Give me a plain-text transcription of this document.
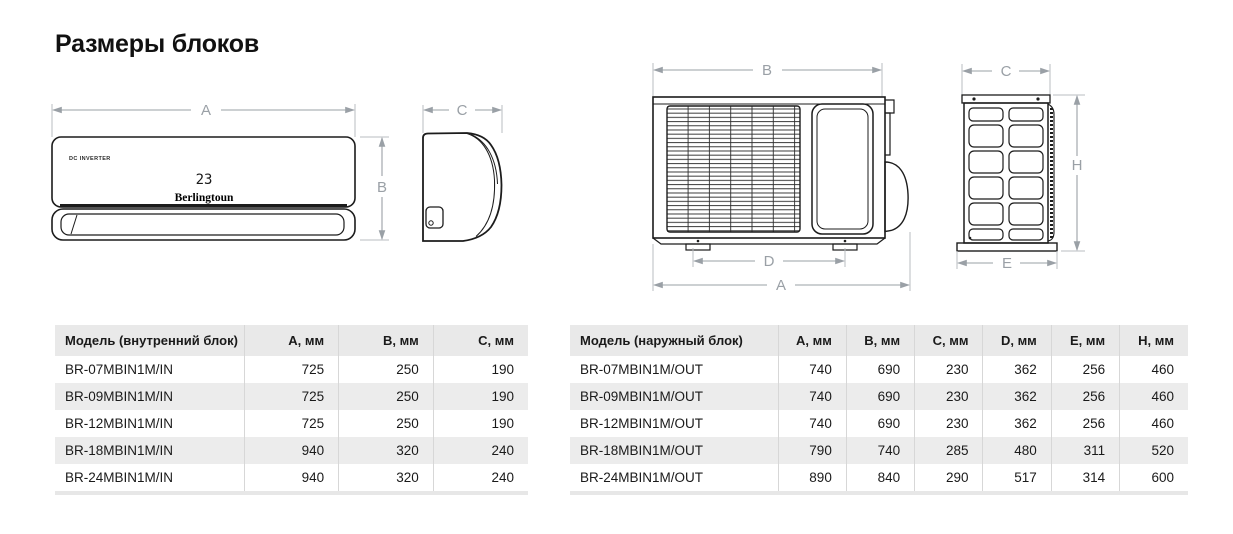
Размеры блоков
A
DC INVERTER
23
Berlingtoun
B
C
B
D
A
C
H
E
Модель (внутренний блок)	A, мм	B, мм	C, мм
BR-07MBIN1M/IN	725	250	190
BR-09MBIN1M/IN	725	250	190
BR-12MBIN1M/IN	725	250	190
BR-18MBIN1M/IN	940	320	240
BR-24MBIN1M/IN	940	320	240
Модель (наружный блок)	A, мм	B, мм	C, мм	D, мм	E, мм	H, мм
BR-07MBIN1M/OUT	740	690	230	362	256	460
BR-09MBIN1M/OUT	740	690	230	362	256	460
BR-12MBIN1M/OUT	740	690	230	362	256	460
BR-18MBIN1M/OUT	790	740	285	480	311	520
BR-24MBIN1M/OUT	890	840	290	517	314	600
